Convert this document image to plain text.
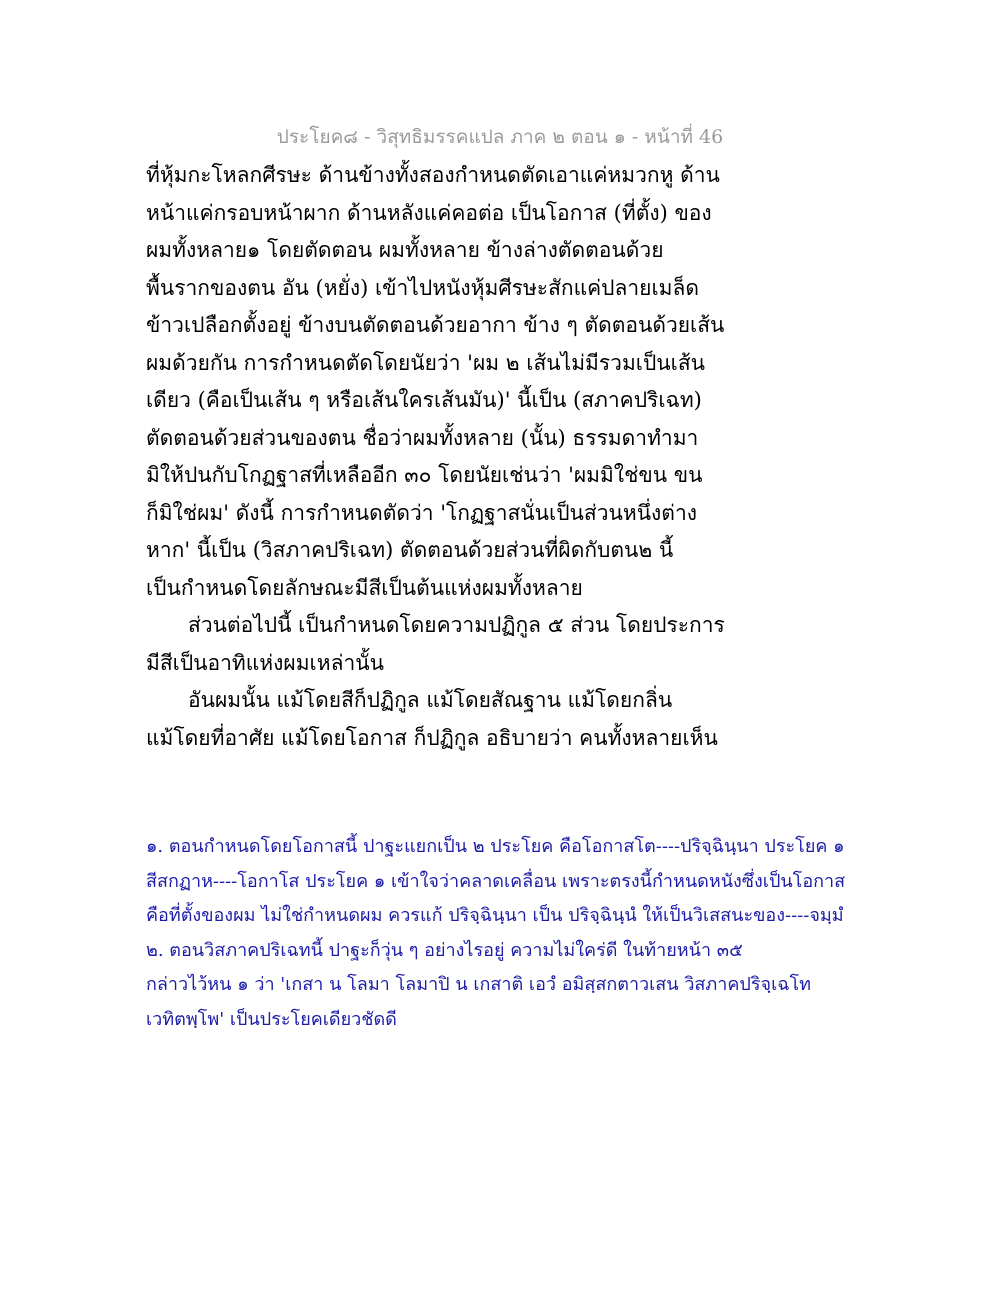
ประโยค๘ - วิสุทธิมรรคแปล ภาค ๒ ตอน ๑ - หน้าที่ 46
ที่หุ้มกะโหลกศีรษะ ด้านข้างทั้งสองกำหนดตัดเอาแค่หมวกหู ด้าน
หน้าแค่กรอบหน้าผาก ด้านหลังแค่คอต่อ เป็นโอกาส (ที่ตั้ง) ของ
ผมทั้งหลาย๑ โดยตัดตอน ผมทั้งหลาย ข้างล่างตัดตอนด้วย
พื้นรากของตน อัน (หยั่ง) เข้าไปหนังหุ้มศีรษะสักแค่ปลายเมล็ด
ข้าวเปลือกตั้งอยู่ ข้างบนตัดตอนด้วยอากา ข้าง ๆ ตัดตอนด้วยเส้น
ผมด้วยกัน การกำหนดตัดโดยนัยว่า 'ผม ๒ เส้นไม่มีรวมเป็นเส้น
เดียว (คือเป็นเส้น ๆ หรือเส้นใครเส้นมัน)' นี้เป็น (สภาคปริเฉท)
ตัดตอนด้วยส่วนของตน ชื่อว่าผมทั้งหลาย (นั้น) ธรรมดาทำมา
มิให้ปนกับโกฏฐาสที่เหลืออีก ๓๐ โดยนัยเช่นว่า 'ผมมิใช่ขน ขน
ก็มิใช่ผม' ดังนี้ การกำหนดตัดว่า 'โกฏฐาสนั่นเป็นส่วนหนึ่งต่าง
หาก' นี้เป็น (วิสภาคปริเฉท) ตัดตอนด้วยส่วนที่ผิดกับตน๒ นี้
เป็นกำหนดโดยลักษณะมีสีเป็นต้นแห่งผมทั้งหลาย
ส่วนต่อไปนี้ เป็นกำหนดโดยความปฏิกูล ๕ ส่วน โดยประการ
มีสีเป็นอาทิแห่งผมเหล่านั้น
อันผมนั้น แม้โดยสีก็ปฏิกูล แม้โดยสัณฐาน แม้โดยกลิ่น
แม้โดยที่อาศัย แม้โดยโอกาส ก็ปฏิกูล อธิบายว่า คนทั้งหลายเห็น
๑. ตอนกำหนดโดยโอกาสนี้ ปาฐะแยกเป็น ๒ ประโยค คือโอกาสโต----ปริจฺฉินฺนา ประโยค ๑
สีสกฏาห----โอกาโส ประโยค ๑ เข้าใจว่าคลาดเคลื่อน เพราะตรงนี้กำหนดหนังซึ่งเป็นโอกาส
คือที่ตั้งของผม ไม่ใช่กำหนดผม ควรแก้ ปริจฺฉินฺนา เป็น ปริจฺฉินฺนํ ให้เป็นวิเสสนะของ----จมฺมํ
๒. ตอนวิสภาคปริเฉทนี้ ปาฐะก็วุ่น ๆ อย่างไรอยู่ ความไม่ใคร่ดี ในท้ายหน้า ๓๕
กล่าวไว้หน ๑ ว่า 'เกสา น โลมา โลมาปิ น เกสาติ เอวํ อมิสฺสกตาวเสน วิสภาคปริจฺเฉโท
เวทิตพฺโพ' เป็นประโยคเดียวชัดดี
